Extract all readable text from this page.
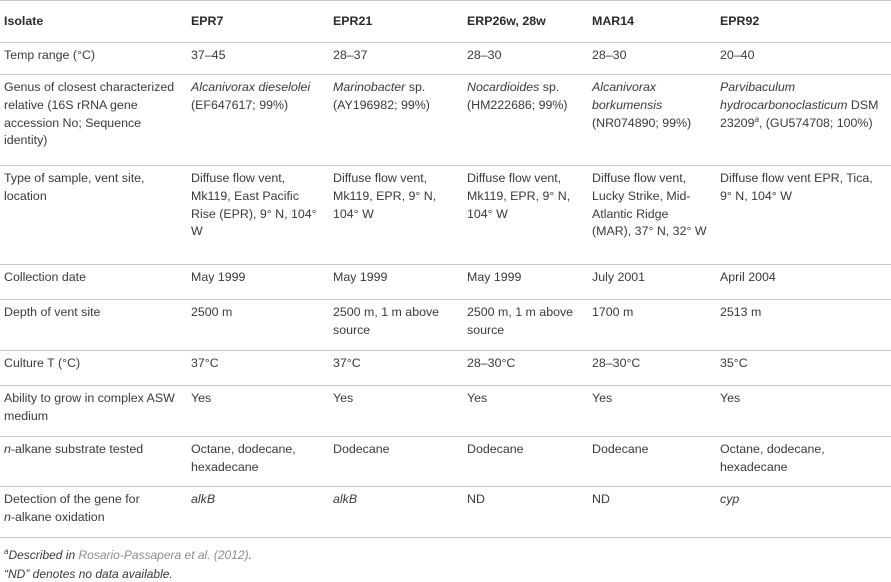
Isolate	EPR7	EPR21	ERP26w, 28w	MAR14	EPR92
Temp range (°C)	37–45	28–37	28–30	28–30	20–40
Genus of closest characterized relative (16S rRNA gene accession No; Sequence identity)	Alcanivorax dieselolei (EF647617; 99%)	Marinobacter sp. (AY196982; 99%)	Nocardioides sp. (HM222686; 99%)	Alcanivorax borkumensis (NR074890; 99%)	Parvibaculum hydrocarbonoclasticum DSM 23209$^a$, (GU574708; 100%)
Type of sample, vent site, location	Diffuse flow vent, Mk119, East Pacific Rise (EPR), 9° N, 104° W	Diffuse flow vent, Mk119, EPR, 9° N, 104° W	Diffuse flow vent, Mk119, EPR, 9° N, 104° W	Diffuse flow vent, Lucky Strike, Mid-Atlantic Ridge (MAR), 37° N, 32° W	Diffuse flow vent EPR, Tica, 9° N, 104° W
Collection date	May 1999	May 1999	May 1999	July 2001	April 2004
Depth of vent site	2500 m	2500 m, 1 m above source	2500 m, 1 m above source	1700 m	2513 m
Culture T (°C)	37°C	37°C	28–30°C	28–30°C	35°C
Ability to grow in complex ASW medium	Yes	Yes	Yes	Yes	Yes
n-alkane substrate tested	Octane, dodecane, hexadecane	Dodecane	Dodecane	Dodecane	Octane, dodecane, hexadecane
Detection of the gene for
n-alkane oxidation	alkB	alkB	ND	ND	cyp
$^a$Described in Rosario-Passapera et al. (2012).
“ND” denotes no data available.
